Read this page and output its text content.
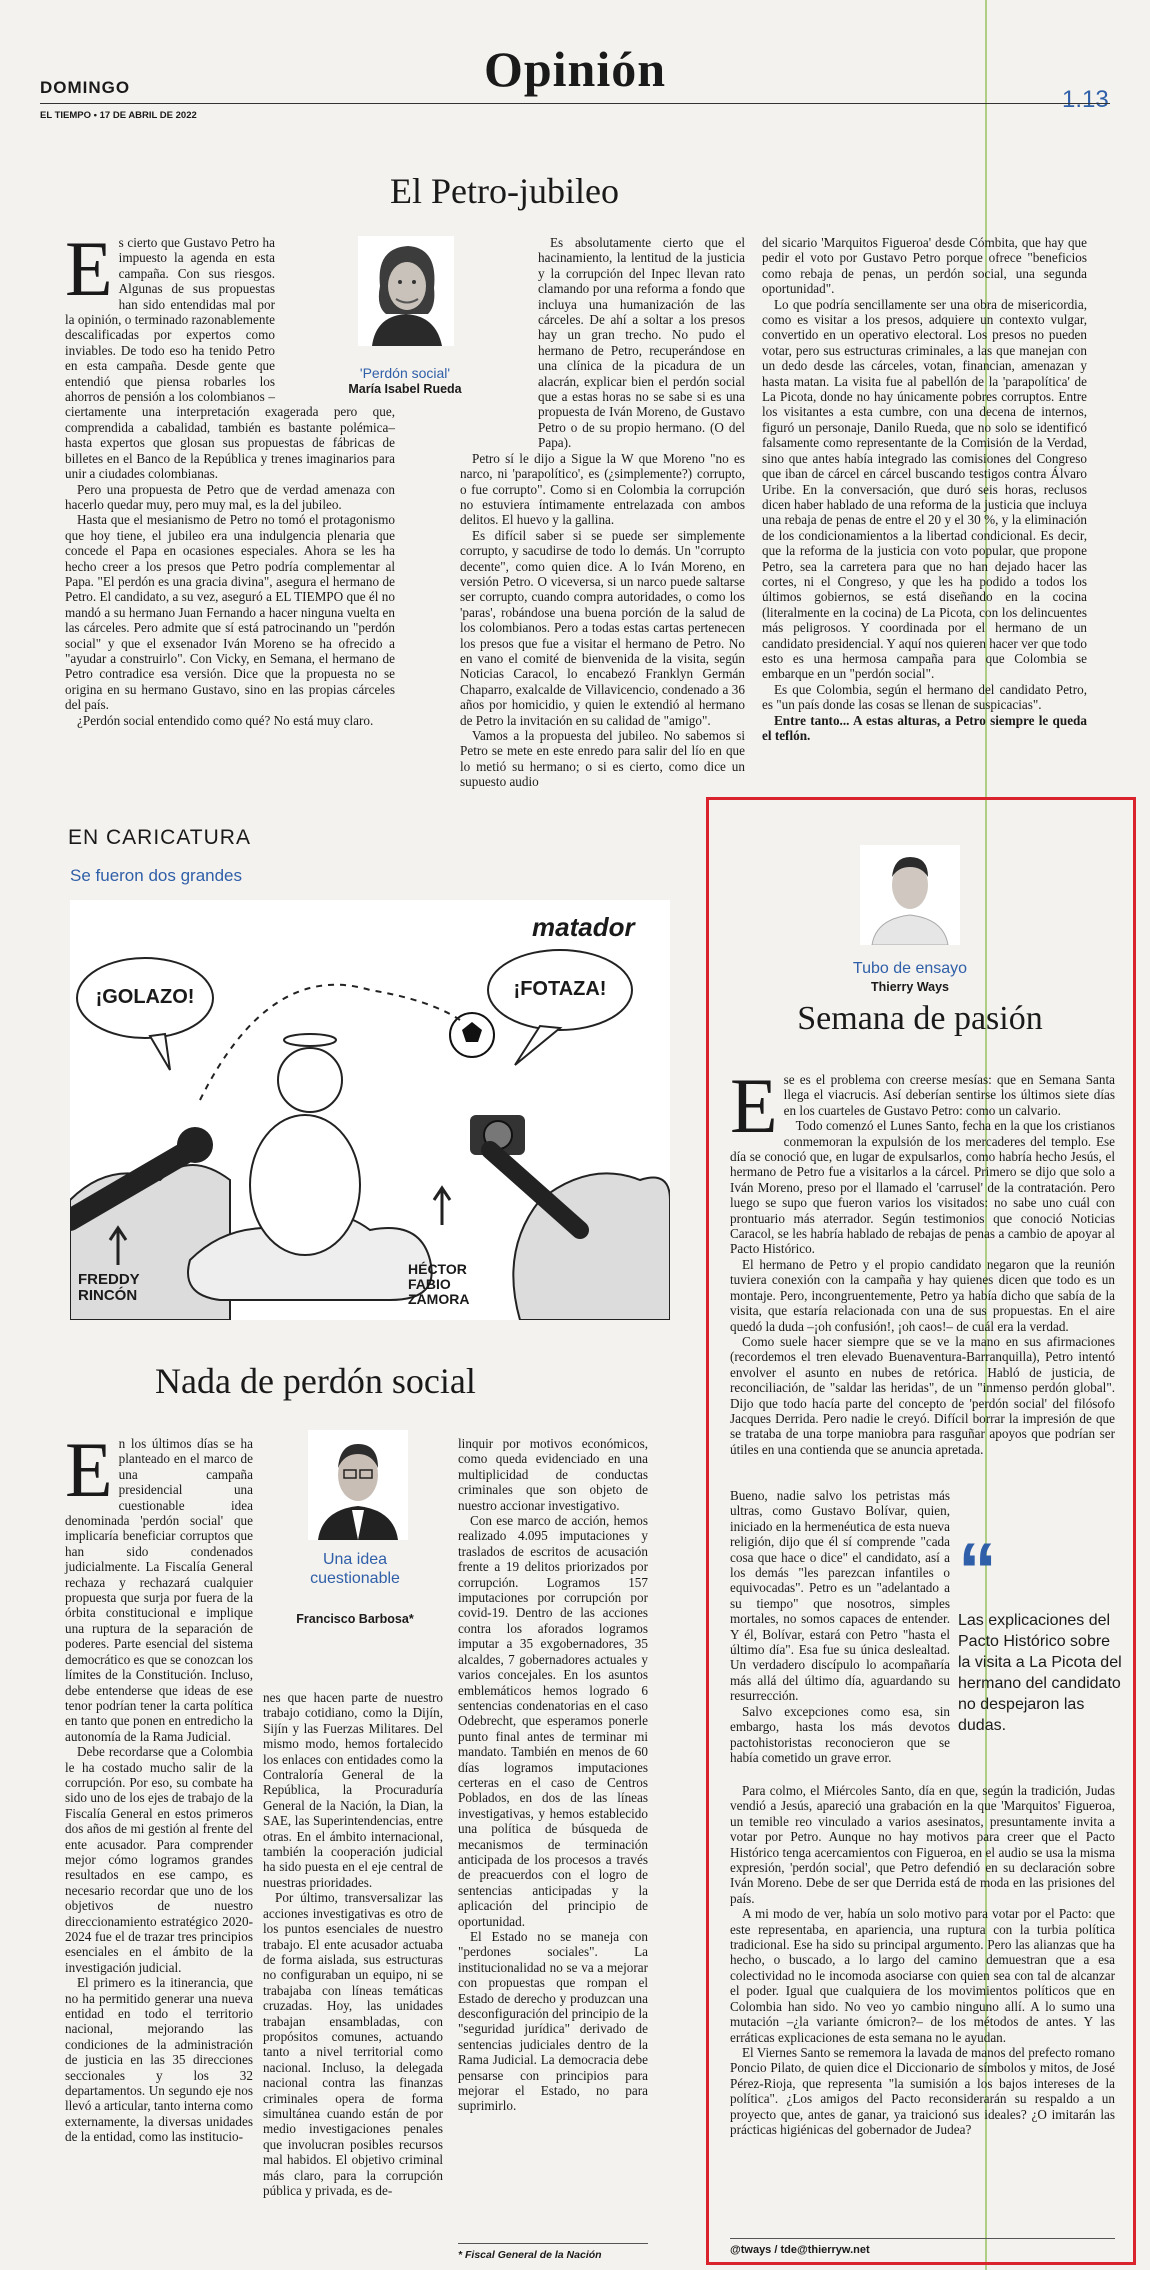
DOMINGO
EL TIEMPO • 17 DE ABRIL DE 2022
Opinión
1.13
El Petro-jubileo
'Perdón social'
María Isabel Rueda

Es cierto que Gustavo Petro ha impuesto la agenda en esta campaña. Con sus riesgos. Algunas de sus propuestas han sido entendidas mal por la opinión, o terminado razonablemente descalificadas por expertos como inviables. De todo eso ha tenido Petro en esta campaña. Desde gente que entendió que piensa robarles los ahorros de pensión a los colombianos –ciertamente una interpretación exagerada pero que, comprendida a cabalidad, también es bastante polémica– hasta expertos que glosan sus propuestas de fábricas de billetes en el Banco de la República y trenes imaginarios para unir a ciudades colombianas.

Pero una propuesta de Petro que de verdad amenaza con hacerlo quedar muy, pero muy mal, es la del jubileo.

Hasta que el mesianismo de Petro no tomó el protagonismo que hoy tiene, el jubileo era una indulgencia plenaria que concede el Papa en ocasiones especiales. Ahora se les ha hecho creer a los presos que Petro podría complementar al Papa. "El perdón es una gracia divina", asegura el hermano de Petro. El candidato, a su vez, aseguró a EL TIEMPO que él no mandó a su hermano Juan Fernando a hacer ninguna vuelta en las cárceles. Pero admite que sí está patrocinando un "perdón social" y que el exsenador Iván Moreno se ha ofrecido a "ayudar a construirlo". Con Vicky, en Semana, el hermano de Petro contradice esa versión. Dice que la propuesta no se origina en su hermano Gustavo, sino en las propias cárceles del país.

¿Perdón social entendido como qué? No está muy claro.

Es absolutamente cierto que el hacinamiento, la lentitud de la justicia y la corrupción del Inpec llevan rato clamando por una reforma a fondo que incluya una humanización de las cárceles. De ahí a soltar a los presos hay un gran trecho. No pudo el hermano de Petro, recuperándose en una clínica de la picadura de un alacrán, explicar bien el perdón social que a estas horas no se sabe si es una propuesta de Iván Moreno, de Gustavo Petro o de su propio hermano. (O del Papa).

Petro sí le dijo a Sigue la W que Moreno "no es narco, ni 'parapolítico', es (¿simplemente?) corrupto, o fue corrupto". Como si en Colombia la corrupción no estuviera íntimamente entrelazada con ambos delitos. El huevo y la gallina.

Es difícil saber si se puede ser simplemente corrupto, y sacudirse de todo lo demás. Un "corrupto decente", como quien dice. A lo Iván Moreno, en versión Petro. O viceversa, si un narco puede saltarse ser corrupto, cuando compra autoridades, o como los 'paras', robándose una buena porción de la salud de los colombianos. Pero a todas estas cartas pertenecen los presos que fue a visitar el hermano de Petro. No en vano el comité de bienvenida de la visita, según Noticias Caracol, lo encabezó Franklyn Germán Chaparro, exalcalde de Villavicencio, condenado a 36 años por homicidio, y quien le extendió al hermano de Petro la invitación en su calidad de "amigo".

Vamos a la propuesta del jubileo. No sabemos si Petro se mete en este enredo para salir del lío en que lo metió su hermano; o si es cierto, como dice un supuesto audio

del sicario 'Marquitos Figueroa' desde Cómbita, que hay que pedir el voto por Gustavo Petro porque ofrece "beneficios como rebaja de penas, un perdón social, una segunda oportunidad".

Lo que podría sencillamente ser una obra de misericordia, como es visitar a los presos, adquiere un contexto vulgar, convertido en un operativo electoral. Los presos no pueden votar, pero sus estructuras criminales, a las que manejan con un dedo desde las cárceles, votan, financian, amenazan y hasta matan. La visita fue al pabellón de la 'parapolítica' de La Picota, donde no hay únicamente pobres corruptos. Entre los visitantes a esta cumbre, con una decena de internos, figuró un personaje, Danilo Rueda, que no solo se identificó falsamente como representante de la Comisión de la Verdad, sino que antes había integrado las comisiones del Congreso que iban de cárcel en cárcel buscando testigos contra Álvaro Uribe. En la conversación, que duró seis horas, reclusos dicen haber hablado de una reforma de la justicia que incluya una rebaja de penas de entre el 20 y el 30 %, y la eliminación de los condicionamientos a la libertad condicional. Es decir, que la reforma de la justicia con voto popular, que propone Petro, sea la carretera para que no han dejado hacer las cortes, ni el Congreso, y que les ha podido a todos los últimos gobiernos, se está diseñando en la cocina (literalmente en la cocina) de La Picota, con los delincuentes más peligrosos. Y coordinada por el hermano de un candidato presidencial. Y aquí nos quieren hacer ver que todo esto es una hermosa campaña para que Colombia se embarque en un "perdón social".

Es que Colombia, según el hermano del candidato Petro, es "un país donde las cosas se llenan de suspicacias".

Entre tanto... A estas alturas, a Petro siempre le queda el teflón.

EN CARICATURA
Se fueron dos grandes
¡GOLAZO!	¡FOTAZA!
matador
FREDDY RINCÓN
HÉCTOR FABIO ZAMORA
Nada de perdón social
Una idea cuestionable
Francisco Barbosa*

En los últimos días se ha planteado en el marco de una campaña presidencial una cuestionable idea denominada 'perdón social' que implicaría beneficiar corruptos que han sido condenados judicialmente. La Fiscalía General rechaza y rechazará cualquier propuesta que surja por fuera de la órbita constitucional e implique una ruptura de la separación de poderes. Parte esencial del sistema democrático es que se conozcan los límites de la Constitución. Incluso, debe entenderse que ideas de ese tenor podrían tener la carta política en tanto que ponen en entredicho la autonomía de la Rama Judicial.

Debe recordarse que a Colombia le ha costado mucho salir de la corrupción. Por eso, su combate ha sido uno de los ejes de trabajo de la Fiscalía General en estos primeros dos años de mi gestión al frente del ente acusador. Para comprender mejor cómo logramos grandes resultados en ese campo, es necesario recordar que uno de los objetivos de nuestro direccionamiento estratégico 2020-2024 fue el de trazar tres principios esenciales en el ámbito de la investigación judicial.

El primero es la itinerancia, que no ha permitido generar una nueva entidad en todo el territorio nacional, mejorando las condiciones de la administración de justicia en las 35 direcciones seccionales y los 32 departamentos. Un segundo eje nos llevó a articular, tanto interna como externamente, la diversas unidades de la entidad, como las institucio-

nes que hacen parte de nuestro trabajo cotidiano, como la Dijín, Sijín y las Fuerzas Militares. Del mismo modo, hemos fortalecido los enlaces con entidades como la Contraloría General de la República, la Procuraduría General de la Nación, la Dian, la SAE, las Superintendencias, entre otras. En el ámbito internacional, también la cooperación judicial ha sido puesta en el eje central de nuestras prioridades.

Por último, transversalizar las acciones investigativas es otro de los puntos esenciales de nuestro trabajo. El ente acusador actuaba de forma aislada, sus estructuras no configuraban un equipo, ni se trabajaba con líneas temáticas cruzadas. Hoy, las unidades trabajan ensambladas, con propósitos comunes, actuando tanto a nivel territorial como nacional. Incluso, la delegada nacional contra las finanzas criminales opera de forma simultánea cuando están de por medio investigaciones penales que involucran posibles recursos mal habidos. El objetivo criminal más claro, para la corrupción pública y privada, es de-

linquir por motivos económicos, como queda evidenciado en una multiplicidad de conductas criminales que son objeto de nuestro accionar investigativo.

Con ese marco de acción, hemos realizado 4.095 imputaciones y traslados de escritos de acusación frente a 19 delitos priorizados por corrupción. Logramos 157 imputaciones por corrupción por covid-19. Dentro de las acciones contra los aforados logramos imputar a 35 exgobernadores, 35 alcaldes, 7 gobernadores actuales y varios concejales. En los asuntos emblemáticos hemos logrado 6 sentencias condenatorias en el caso Odebrecht, que esperamos ponerle punto final antes de terminar mi mandato. También en menos de 60 días logramos imputaciones certeras en el caso de Centros Poblados, en dos de las líneas investigativas, y hemos establecido una política de búsqueda de mecanismos de terminación anticipada de los procesos a través de preacuerdos con el logro de sentencias anticipadas y la aplicación del principio de oportunidad.

El Estado no se maneja con "perdones sociales". La institucionalidad no se va a mejorar con propuestas que rompan el Estado de derecho y produzcan una desconfiguración del principio de la "seguridad jurídica" derivado de sentencias judiciales dentro de la Rama Judicial. La democracia debe pensarse con principios para mejorar el Estado, no para suprimirlo.

* Fiscal General de la Nación
Tubo de ensayo
Thierry Ways
Semana de pasión

Ese es el problema con creerse mesías: que en Semana Santa llega el viacrucis. Así deberían sentirse los últimos siete días en los cuarteles de Gustavo Petro: como un calvario.

Todo comenzó el Lunes Santo, fecha en la que los cristianos conmemoran la expulsión de los mercaderes del templo. Ese día se conoció que, en lugar de expulsarlos, como habría hecho Jesús, el hermano de Petro fue a visitarlos a la cárcel. Primero se dijo que solo a Iván Moreno, preso por el llamado el 'carrusel' de la contratación. Pero luego se supo que fueron varios los visitados: no sabe uno cuál con prontuario más aterrador. Según testimonios que conoció Noticias Caracol, se les habría hablado de rebajas de penas a cambio de apoyar al Pacto Histórico.

El hermano de Petro y el propio candidato negaron que la reunión tuviera conexión con la campaña y hay quienes dicen que todo es un montaje. Pero, incongruentemente, Petro ya había dicho que sabía de la visita, que estaría relacionada con una de sus propuestas. En el aire quedó la duda –¡oh confusión!, ¡oh caos!– de cuál era la verdad.

Como suele hacer siempre que se ve la mano en sus afirmaciones (recordemos el tren elevado Buenaventura-Barranquilla), Petro intentó envolver el asunto en nubes de retórica. Habló de justicia, de reconciliación, de "saldar las heridas", de un "inmenso perdón global". Dijo que todo hacía parte del concepto de 'perdón social' del filósofo Jacques Derrida. Pero nadie le creyó. Difícil borrar la impresión de que se trataba de una torpe maniobra para rasguñar apoyos que podrían ser útiles en una contienda que se anuncia apretada.

Bueno, nadie salvo los petristas más ultras, como Gustavo Bolívar, quien, iniciado en la hermenéutica de esta nueva religión, dijo que él sí comprende "cada cosa que hace o dice" el candidato, así a los demás "les parezcan infantiles o equivocadas". Petro es un "adelantado a su tiempo" que nosotros, simples mortales, no somos capaces de entender. Y él, Bolívar, estará con Petro "hasta el último día". Esa fue su única deslealtad. Un verdadero discípulo lo acompañaría más allá del último día, aguardando su resurrección.

Salvo excepciones como esa, sin embargo, hasta los más devotos pactohistoristas reconocieron que se había cometido un grave error.

“
Las explicaciones del Pacto Histórico sobre la visita a La Picota del hermano del candidato no despejaron las dudas.

Para colmo, el Miércoles Santo, día en que, según la tradición, Judas vendió a Jesús, apareció una grabación en la que 'Marquitos' Figueroa, un temible reo vinculado a varios asesinatos, presuntamente invita a votar por Petro. Aunque no hay motivos para creer que el Pacto Histórico tenga acercamientos con Figueroa, en el audio se usa la misma expresión, 'perdón social', que Petro defendió en su declaración sobre Iván Moreno. Debe de ser que Derrida está de moda en las prisiones del país.

A mi modo de ver, había un solo motivo para votar por el Pacto: que este representaba, en apariencia, una ruptura con la turbia política tradicional. Ese ha sido su principal argumento. Pero las alianzas que ha hecho, o buscado, a lo largo del camino demuestran que a esa colectividad no le incomoda asociarse con quien sea con tal de alcanzar el poder. Igual que cualquiera de los movimientos políticos que en Colombia han sido. No veo yo cambio ninguno allí. A lo sumo una mutación –¿la variante ómicron?– de los métodos de antes. Y las erráticas explicaciones de esta semana no le ayudan.

El Viernes Santo se rememora la lavada de manos del prefecto romano Poncio Pilato, de quien dice el Diccionario de símbolos y mitos, de José Pérez-Rioja, que representa "la sumisión a los bajos intereses de la política". ¿Los amigos del Pacto reconsiderarán su respaldo a un proyecto que, antes de ganar, ya traicionó sus ideales? ¿O imitarán las prácticas higiénicas del gobernador de Judea?

@tways / tde@thierryw.net
